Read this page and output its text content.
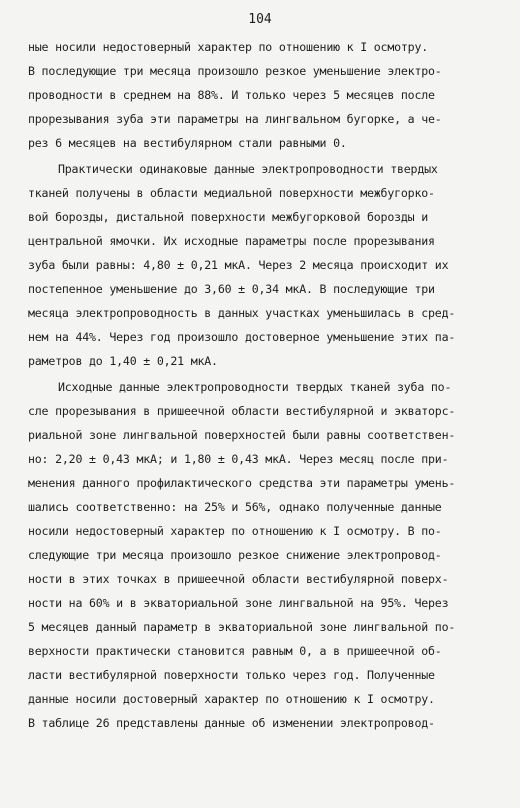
104
ные носили недостоверный характер по отношению к I осмотру.
В последующие три месяца произошло резкое уменьшение электро-
проводности в среднем на 88%. И только через 5 месяцев после
прорезывания зуба эти параметры на лингвальном бугорке, а че-
рез 6 месяцев на вестибулярном стали равными 0.
Практически одинаковые данные электропроводности твердых
тканей получены в области медиальной поверхности межбугорко-
вой борозды, дистальной поверхности межбугорковой борозды и
центральной ямочки. Их исходные параметры после прорезывания
зуба были равны: 4,80 ± 0,21 мкА. Через 2 месяца происходит их
постепенное уменьшение до 3,60 ± 0,34 мкА. В последующие три
месяца электропроводность в данных участках уменьшилась в сред-
нем на 44%. Через год произошло достоверное уменьшение этих па-
раметров до 1,40 ± 0,21 мкА.
Исходные данные электропроводности твердых тканей зуба по-
сле прорезывания в пришеечной области вестибулярной и экваторс-
риальной зоне лингвальной поверхностей были равны соответствен-
но: 2,20 ± 0,43 мкА; и 1,80 ± 0,43 мкА. Через месяц после при-
менения данного профилактического средства эти параметры умень-
шались соответственно: на 25% и 56%, однако полученные данные
носили недостоверный характер по отношению к I осмотру. В по-
следующие три месяца произошло резкое снижение электропровод-
ности в этих точках в пришеечной области вестибулярной поверх-
ности на 60% и в экваториальной зоне лингвальной на 95%. Через
5 месяцев данный параметр в экваториальной зоне лингвальной по-
верхности практически становится равным 0, а в пришеечной об-
ласти вестибулярной поверхности только через год. Полученные
данные носили достоверный характер по отношению к I осмотру.
В таблице 26 представлены данные об изменении электропровод-
